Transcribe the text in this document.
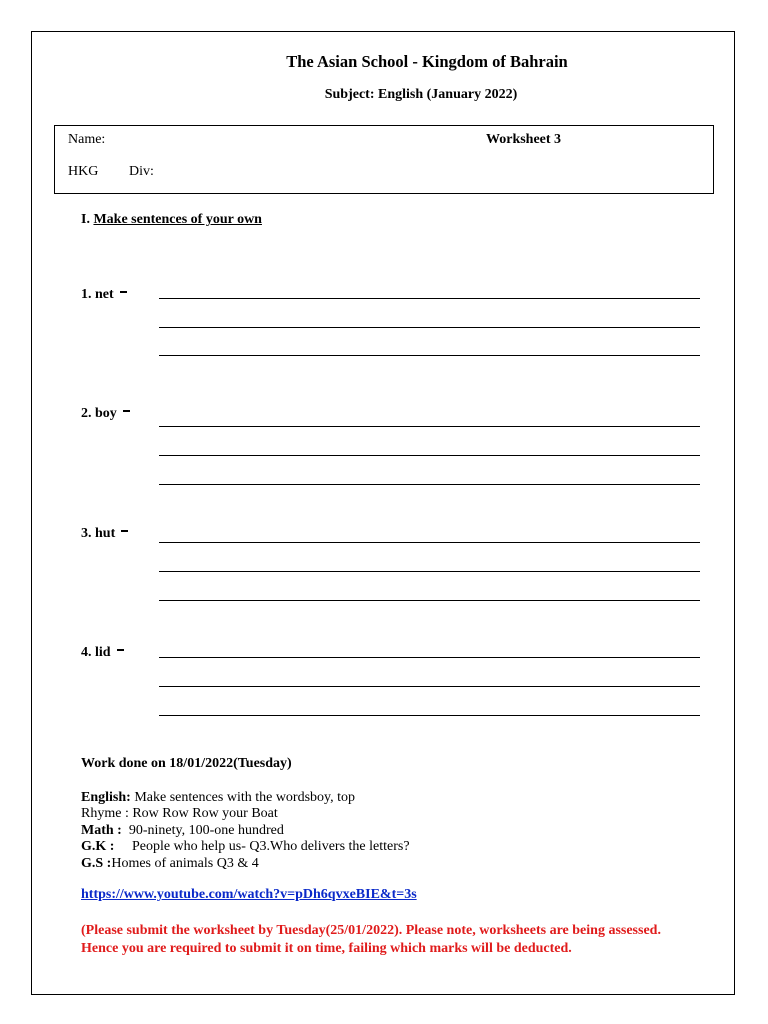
The Asian School - Kingdom of Bahrain
Subject: English (January 2022)
Name:	Worksheet 3
HKG Div:
I. Make sentences of your own
1. net
2. boy
3. hut
4. lid
Work done on 18/01/2022(Tuesday)
English: Make sentences with the wordsboy, top
Rhyme : Row Row Row your Boat
Math :  90-ninety, 100-one hundred
G.K :     People who help us- Q3.Who delivers the letters?
G.S :Homes of animals Q3 & 4
https://www.youtube.com/watch?v=pDh6qvxeBIE&t=3s
(Please submit the worksheet by Tuesday(25/01/2022). Please note, worksheets are being assessed.
Hence you are required to submit it on time, failing which marks will be deducted.
